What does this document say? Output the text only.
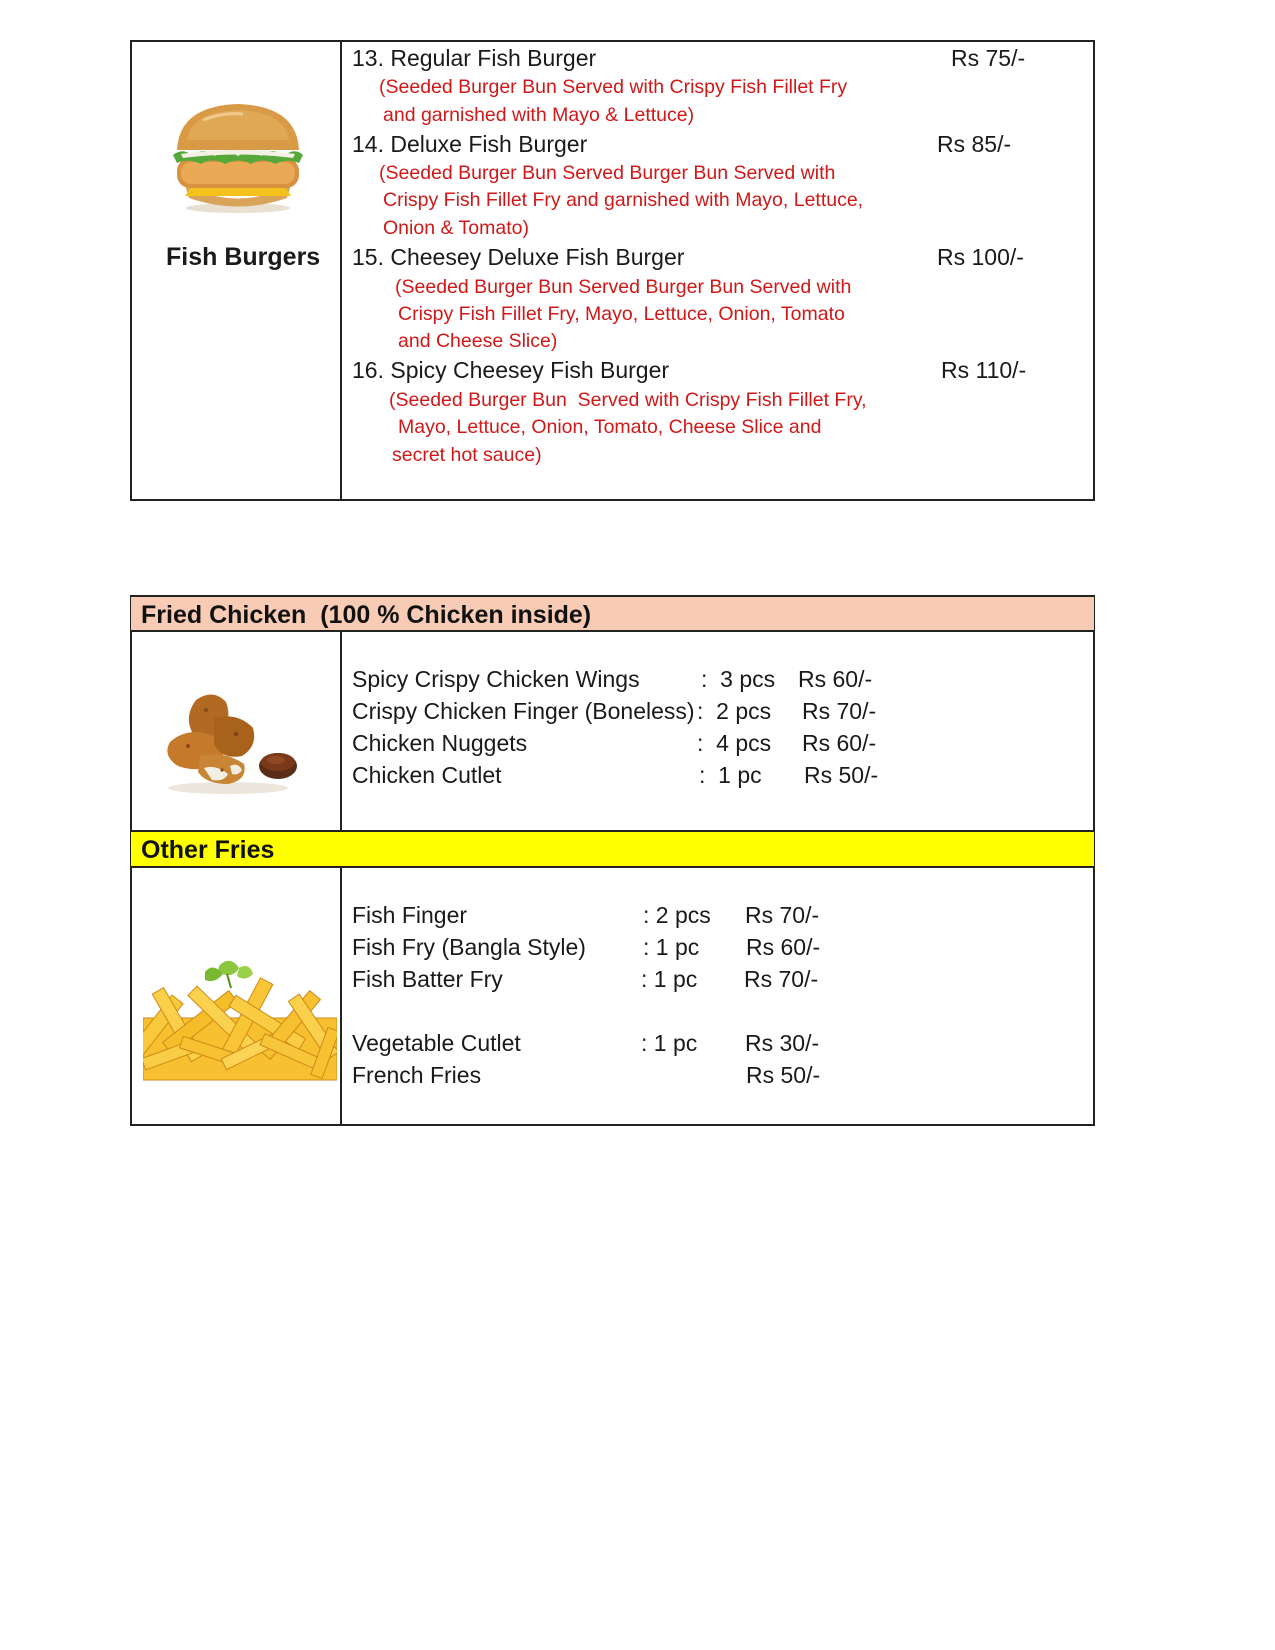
Fish Burgers
13. Regular Fish Burger	Rs 75/-
(Seeded Burger Bun Served with Crispy Fish Fillet Fry
and garnished with Mayo & Lettuce)
14. Deluxe Fish Burger	Rs 85/-
(Seeded Burger Bun Served Burger Bun Served with
Crispy Fish Fillet Fry and garnished with Mayo, Lettuce,
Onion & Tomato)
15. Cheesey Deluxe Fish Burger	Rs 100/-
(Seeded Burger Bun Served Burger Bun Served with
Crispy Fish Fillet Fry, Mayo, Lettuce, Onion, Tomato
and Cheese Slice)
16. Spicy Cheesey Fish Burger	Rs 110/-
(Seeded Burger Bun  Served with Crispy Fish Fillet Fry,
Mayo, Lettuce, Onion, Tomato, Cheese Slice and
secret hot sauce)
Fried Chicken  (100 % Chicken inside)
Spicy Crispy Chicken Wings	:  3 pcs Rs 60/-
Crispy Chicken Finger (Boneless) :  2 pcs Rs 70/-
Chicken Nuggets	:  4 pcs Rs 60/-
Chicken Cutlet	:  1 pc Rs 50/-
Other Fries
Fish Finger	: 2 pcs Rs 70/-
Fish Fry (Bangla Style) : 1 pc Rs 60/-
Fish Batter Fry	: 1 pc Rs 70/-
Vegetable Cutlet	: 1 pc Rs 30/-
French Fries	Rs 50/-
